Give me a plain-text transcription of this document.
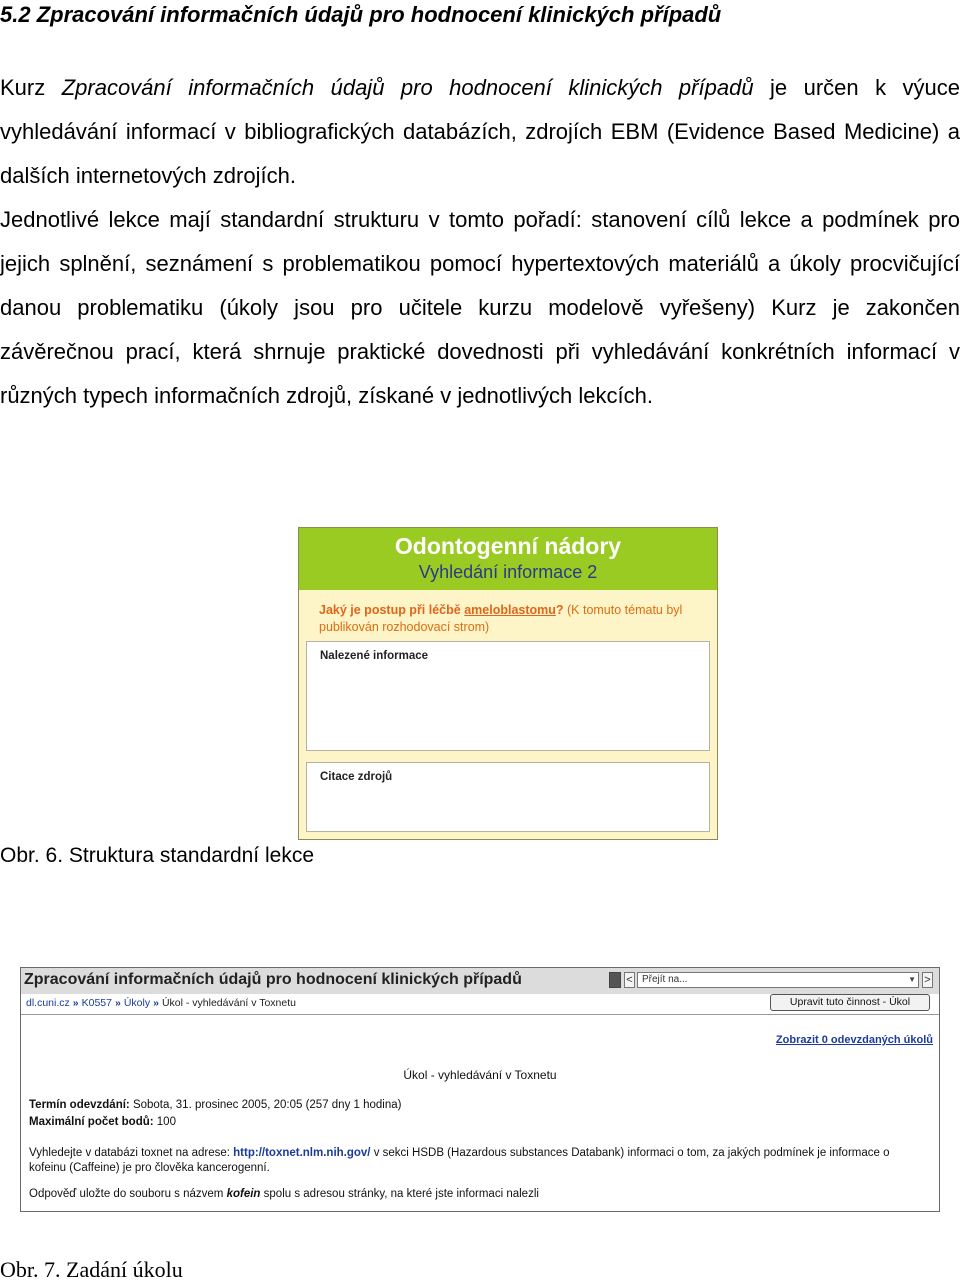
5.2 Zpracování informačních údajů pro hodnocení klinických případů
Kurz Zpracování informačních údajů pro hodnocení klinických případů je určen k výuce vyhledávání informací v bibliografických databázích, zdrojích EBM (Evidence Based Medicine) a dalších internetových zdrojích.
Jednotlivé lekce mají standardní strukturu v tomto pořadí: stanovení cílů lekce a podmínek pro jejich splnění, seznámení s problematikou pomocí hypertextových materiálů a úkoly procvičující danou problematiku (úkoly jsou pro učitele kurzu modelově vyřešeny) Kurz je zakončen závěrečnou prací, která shrnuje praktické dovednosti při vyhledávání konkrétních informací v různých typech informačních zdrojů, získané v jednotlivých lekcích.
Odontogenní nádory
Vyhledání informace 2
Jaký je postup při léčbě ameloblastomu? (K tomuto tématu byl publikován rozhodovací strom)
Nalezené informace
Citace zdrojů
Obr. 6. Struktura standardní lekce
Zpracování informačních údajů pro hodnocení klinických případů	< Přejít na...	▼ >
dl.cuni.cz » K0557 » Úkoly » Úkol - vyhledávání v Toxnetu	Upravit tuto činnost - Úkol
Zobrazit 0 odevzdaných úkolů
Úkol - vyhledávání v Toxnetu
Termín odevzdání: Sobota, 31. prosinec 2005, 20:05 (257 dny 1 hodina)
Maximální počet bodů: 100
Vyhledejte v databázi toxnet na adrese: http://toxnet.nlm.nih.gov/ v sekci HSDB (Hazardous substances Databank) informaci o tom, za jakých podmínek je informace o kofeinu (Caffeine) je pro člověka kancerogenní.
Odpověď uložte do souboru s názvem kofein spolu s adresou stránky, na které jste informaci nalezli
Obr. 7. Zadání úkolu
